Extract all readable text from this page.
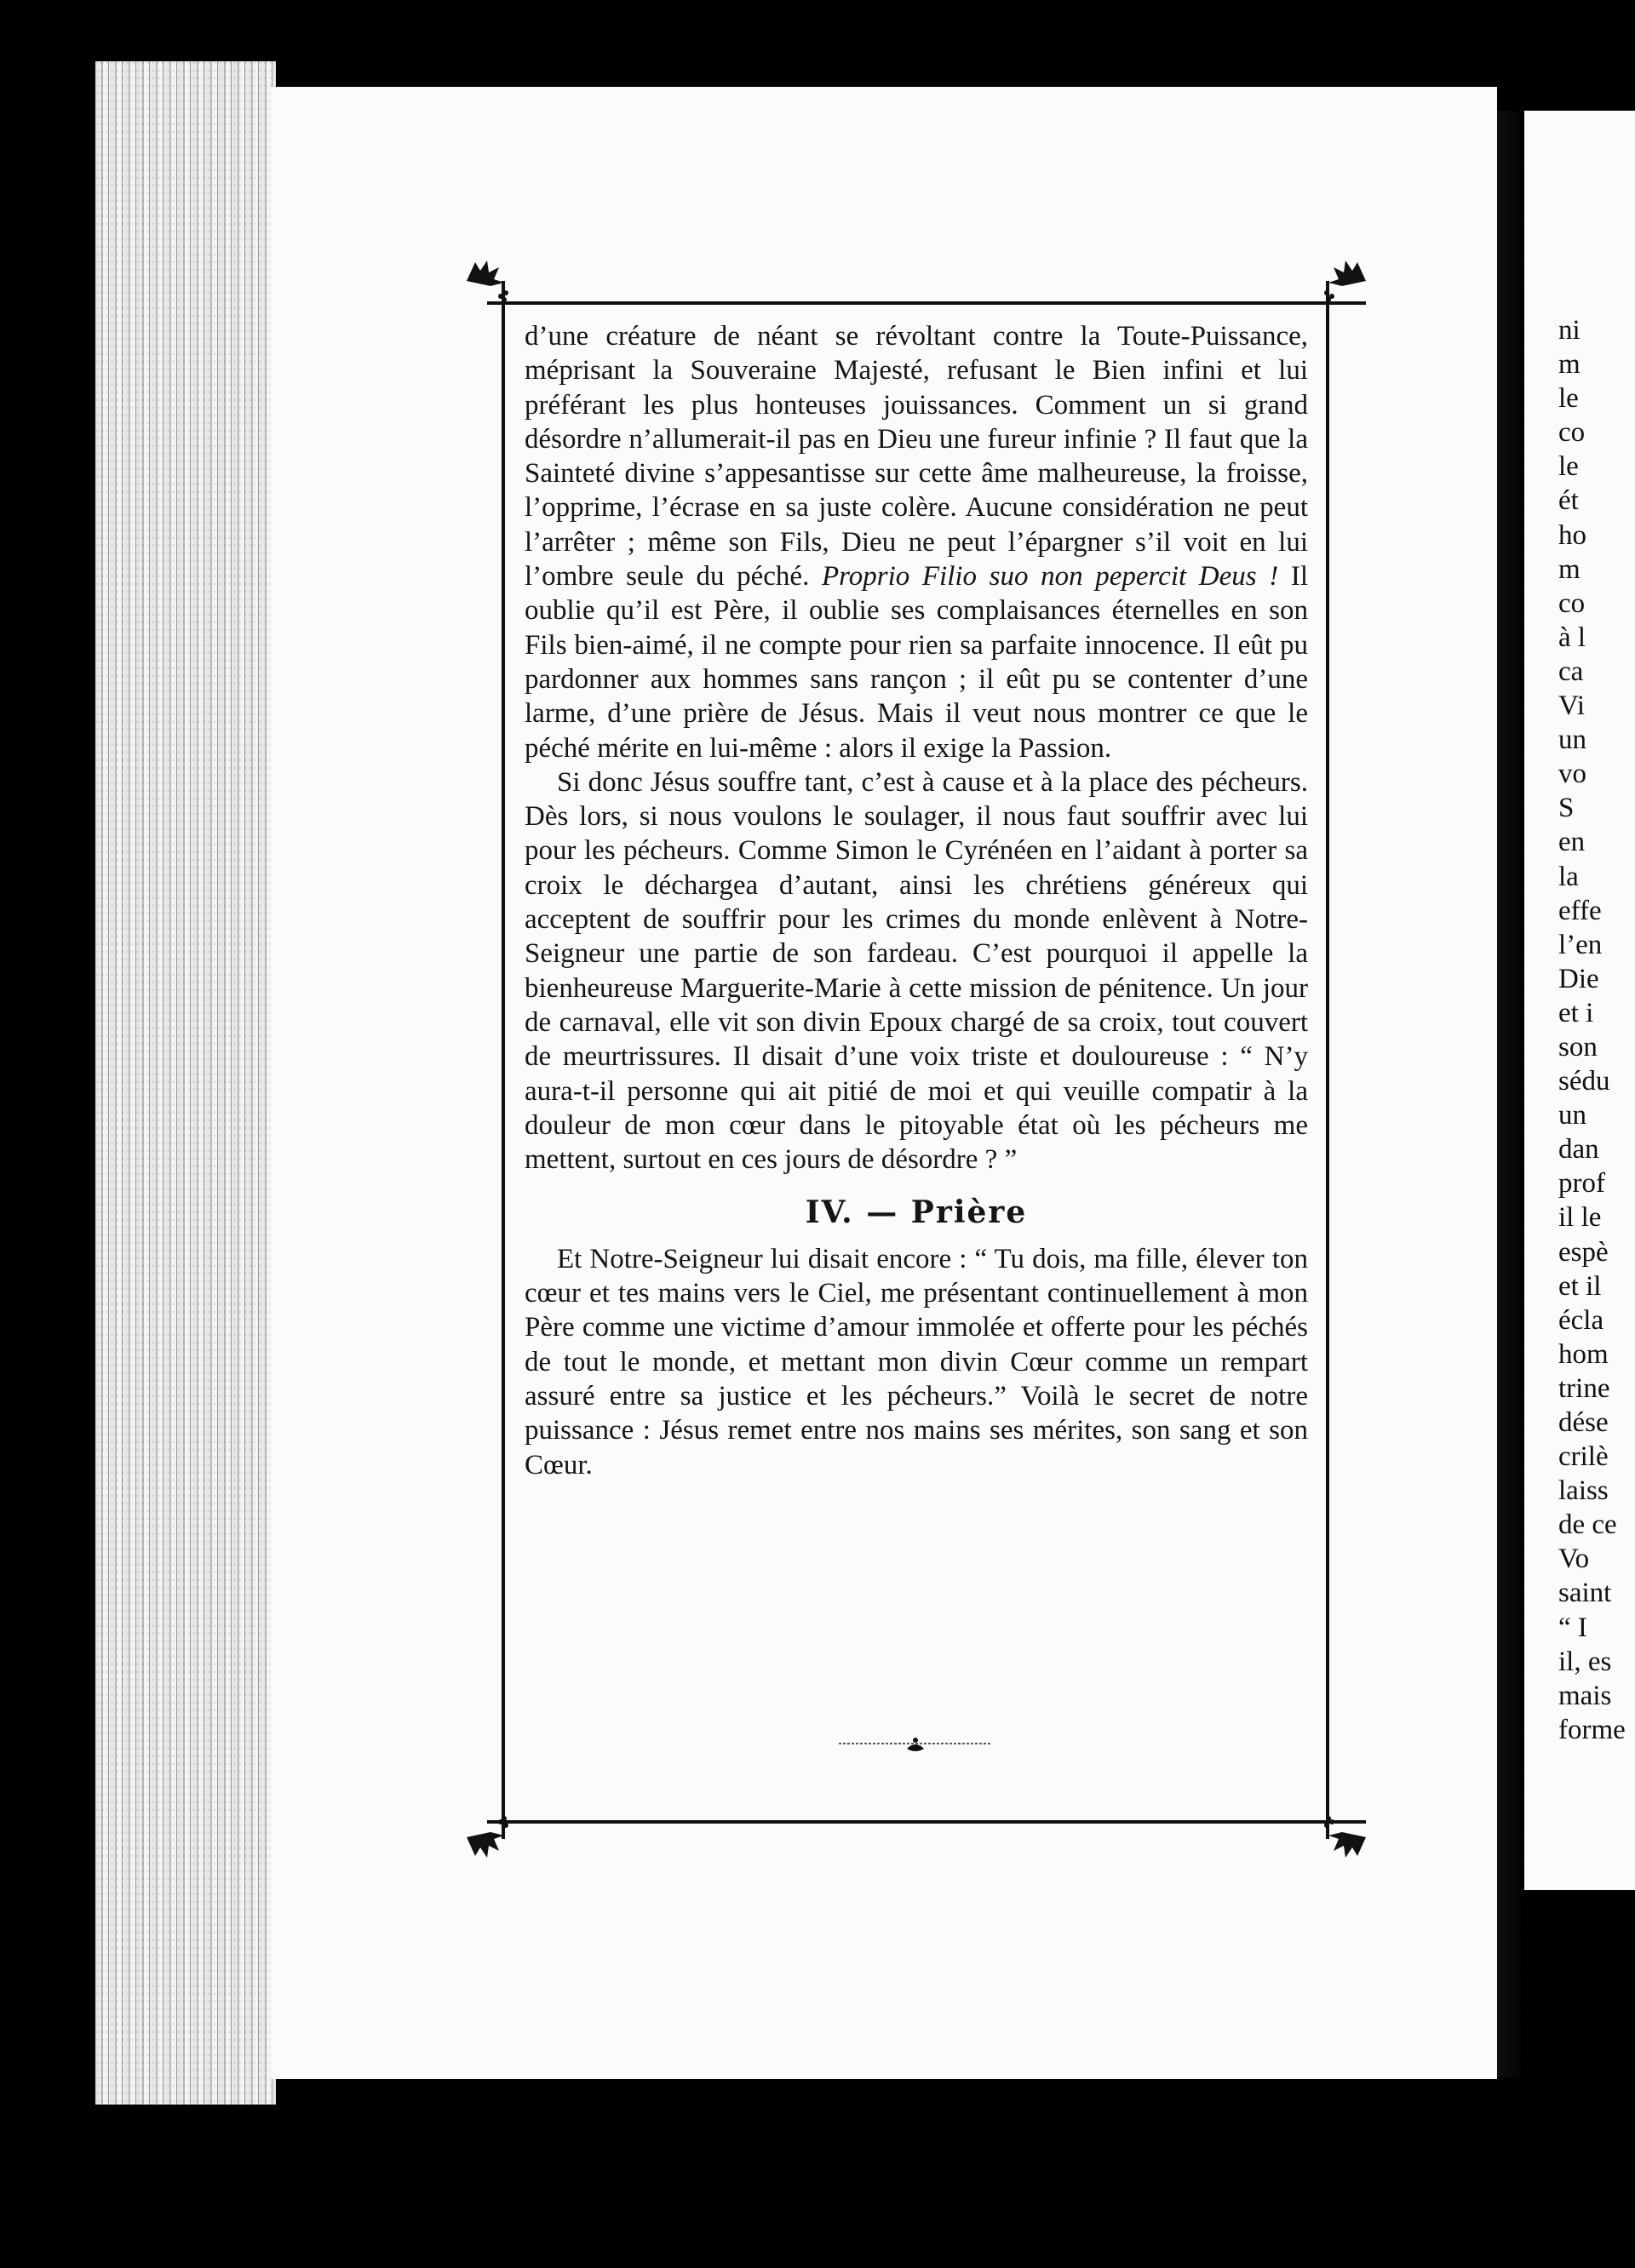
ni
m
le
co
le
ét
ho
m
co
à l
ca
Vi
un
vo
S
en
la
effe
l’en
Die
et i
son
sédu
un
dan
prof
il le
espè
et il
écla
hom
trine
dése
crilè
laiss
de ce
Vo
saint
“ I
il, es
mais
forme

d’une créature de néant se révoltant contre la Toute-Puissance, méprisant la Souveraine Majesté, refusant le Bien infini et lui préférant les plus honteuses jouissances. Comment un si grand désordre n’allumerait-il pas en Dieu une fureur infinie ? Il faut que la Sainteté divine s’appesantisse sur cette âme malheureuse, la froisse, l’opprime, l’écrase en sa juste colère. Aucune considération ne peut l’arrêter ; même son Fils, Dieu ne peut l’épargner s’il voit en lui l’ombre seule du péché. Proprio Filio suo non pepercit Deus ! Il oublie qu’il est Père, il oublie ses complaisances éternelles en son Fils bien-aimé, il ne compte pour rien sa parfaite innocence. Il eût pu pardonner aux hommes sans rançon ; il eût pu se contenter d’une larme, d’une prière de Jésus. Mais il veut nous montrer ce que le péché mérite en lui-même : alors il exige la Passion.

Si donc Jésus souffre tant, c’est à cause et à la place des pécheurs. Dès lors, si nous voulons le soulager, il nous faut souffrir avec lui pour les pécheurs. Comme Simon le Cyrénéen en l’aidant à porter sa croix le déchargea d’autant, ainsi les chrétiens généreux qui acceptent de souffrir pour les crimes du monde enlèvent à Notre-Seigneur une partie de son fardeau. C’est pourquoi il appelle la bienheureuse Marguerite-Marie à cette mission de pénitence. Un jour de carnaval, elle vit son divin Epoux chargé de sa croix, tout couvert de meurtrissures. Il disait d’une voix triste et douloureuse : “ N’y aura-t-il personne qui ait pitié de moi et qui veuille compatir à la douleur de mon cœur dans le pitoyable état où les pécheurs me mettent, surtout en ces jours de désordre ? ”

IV. — Prière

Et Notre-Seigneur lui disait encore : “ Tu dois, ma fille, élever ton cœur et tes mains vers le Ciel, me présentant continuellement à mon Père comme une victime d’amour immolée et offerte pour les péchés de tout le monde, et mettant mon divin Cœur comme un rempart assuré entre sa justice et les pécheurs.” Voilà le secret de notre puissance : Jésus remet entre nos mains ses mérites, son sang et son Cœur.
